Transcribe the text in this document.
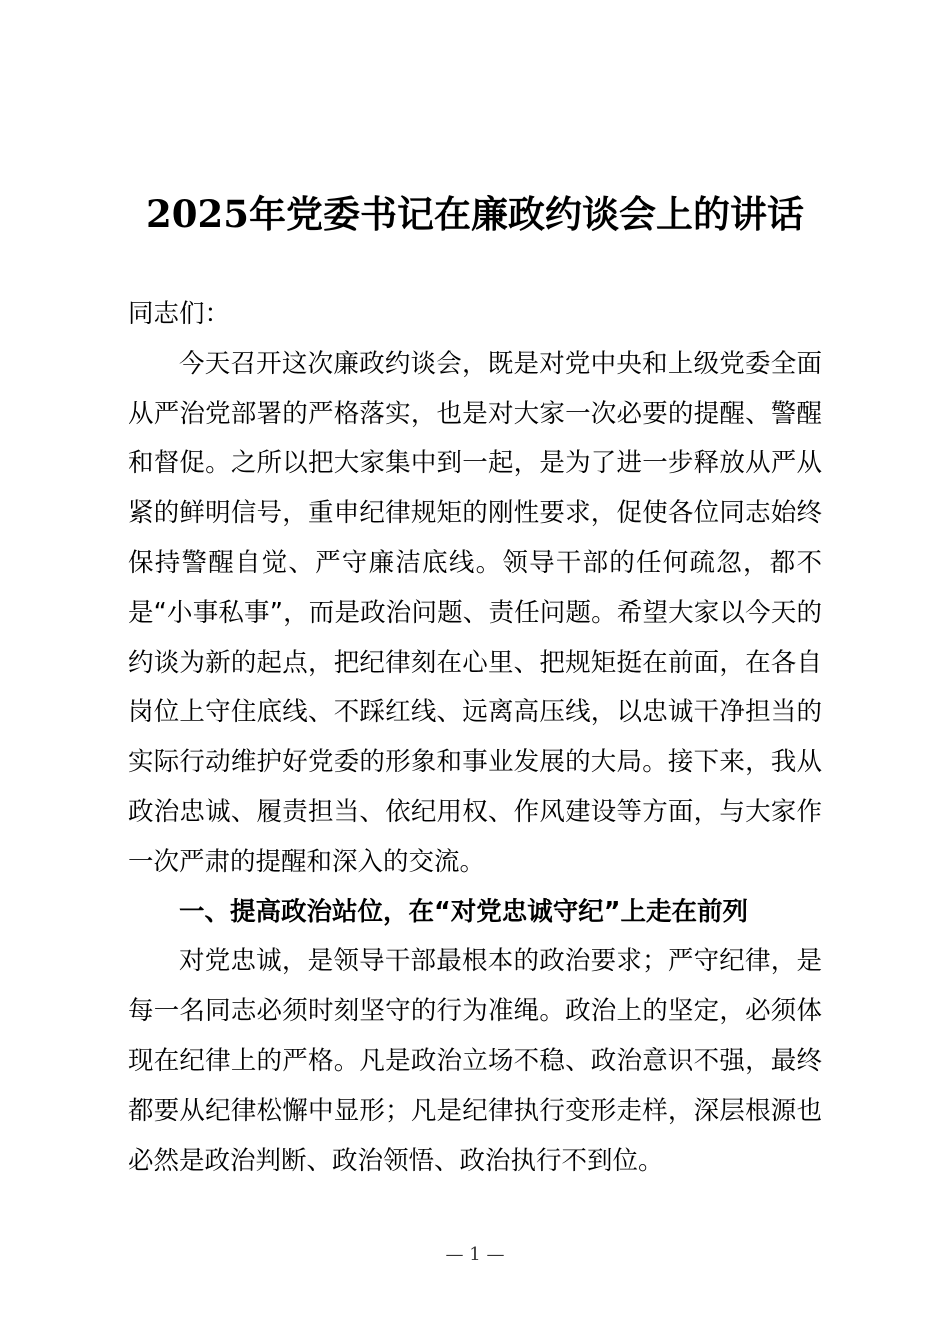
2025年党委书记在廉政约谈会上的讲话

同志们：

今天召开这次廉政约谈会，既是对党中央和上级党委全面从严治党部署的严格落实，也是对大家一次必要的提醒、警醒和督促。之所以把大家集中到一起，是为了进一步释放从严从紧的鲜明信号，重申纪律规矩的刚性要求，促使各位同志始终保持警醒自觉、严守廉洁底线。领导干部的任何疏忽，都不是“小事私事”，而是政治问题、责任问题。希望大家以今天的约谈为新的起点，把纪律刻在心里、把规矩挺在前面，在各自岗位上守住底线、不踩红线、远离高压线，以忠诚干净担当的实际行动维护好党委的形象和事业发展的大局。接下来，我从政治忠诚、履责担当、依纪用权、作风建设等方面，与大家作一次严肃的提醒和深入的交流。

一、提高政治站位，在“对党忠诚守纪”上走在前列

对党忠诚，是领导干部最根本的政治要求；严守纪律，是每一名同志必须时刻坚守的行为准绳。政治上的坚定，必须体现在纪律上的严格。凡是政治立场不稳、政治意识不强，最终都要从纪律松懈中显形；凡是纪律执行变形走样，深层根源也必然是政治判断、政治领悟、政治执行不到位。

— 1 —
